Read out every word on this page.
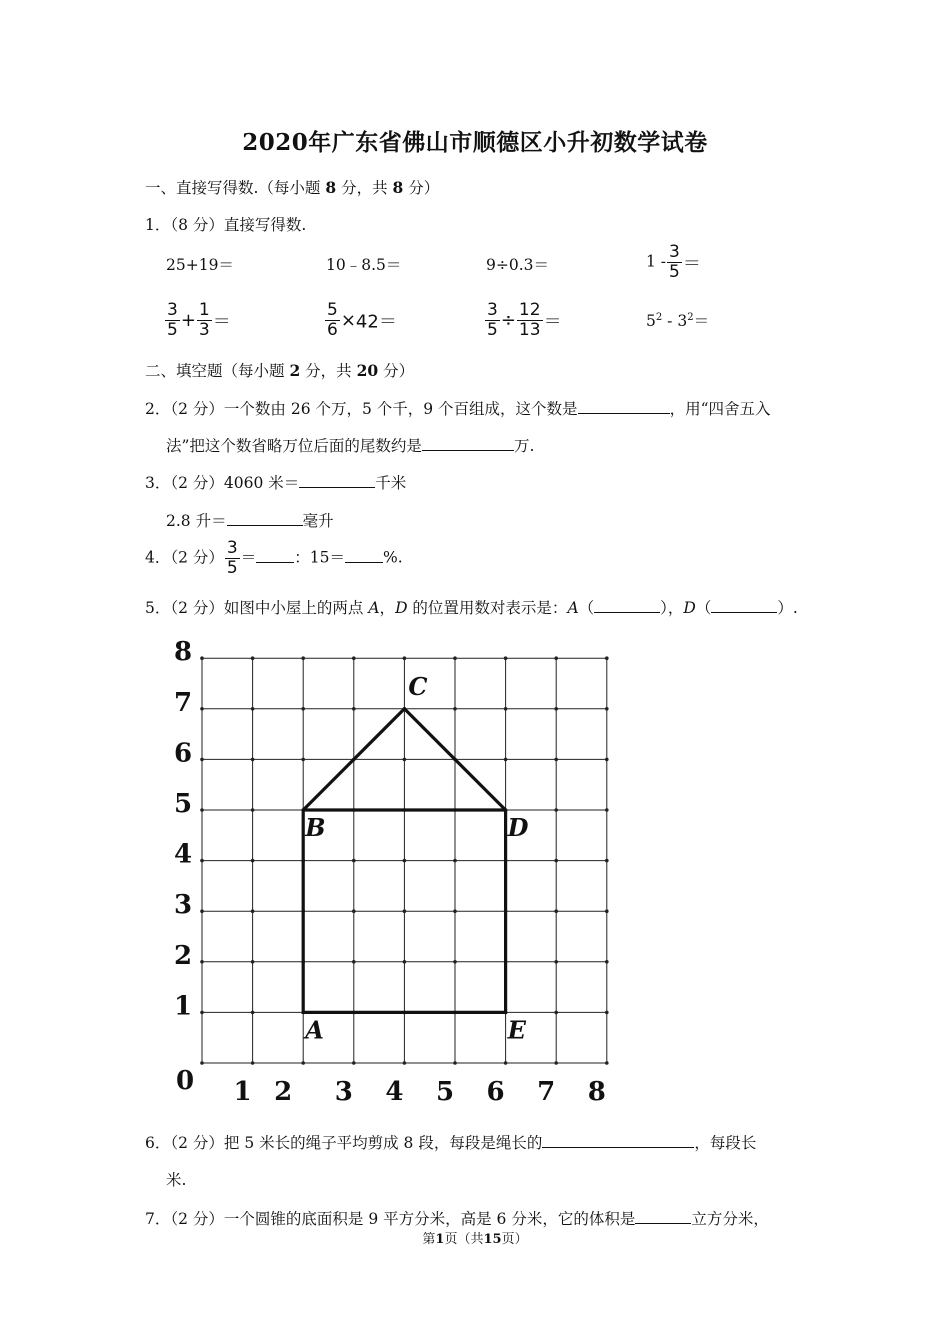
2020年广东省佛山市顺德区小升初数学试卷
一、直接写得数.（每小题 8 分，共 8 分）
1．（8 分）直接写得数.
25+19＝	10﹣8.5＝	9÷0.3＝	$1 - \frac{3}{5}$ ＝
$\frac{3}{5} + \frac{1}{3}$ ＝	$\frac{5}{6} \times 42=$	$\frac{3}{5} \div \frac{12}{13}$ ＝	$5^2 - 3^2=$
二、填空题（每小题 2 分，共 20 分）
2．（2 分）一个数由 26 个万，5 个千，9 个百组成，这个数是	，用“四舍五入
法”把这个数省略万位后面的尾数约是	万.
3．（2 分）4060 米＝	千米
2.8 升＝	毫升
4．（2 分） $\frac{3}{5}$ ＝ ：15＝ %.
5．（2 分）如图中小屋上的两点 A，D 的位置用数对表示是：A（	），D（	）.
0 1 2 3 4 5 6 7 8
1
2
3
4
5
6
7
8
A
B
C
D
E
6．（2 分）把 5 米长的绳子平均剪成 8 段，每段是绳长的	，每段长
米.
7．（2 分）一个圆锥的底面积是 9 平方分米，高是 6 分米，它的体积是	立方分米，
第1页（共15页）
